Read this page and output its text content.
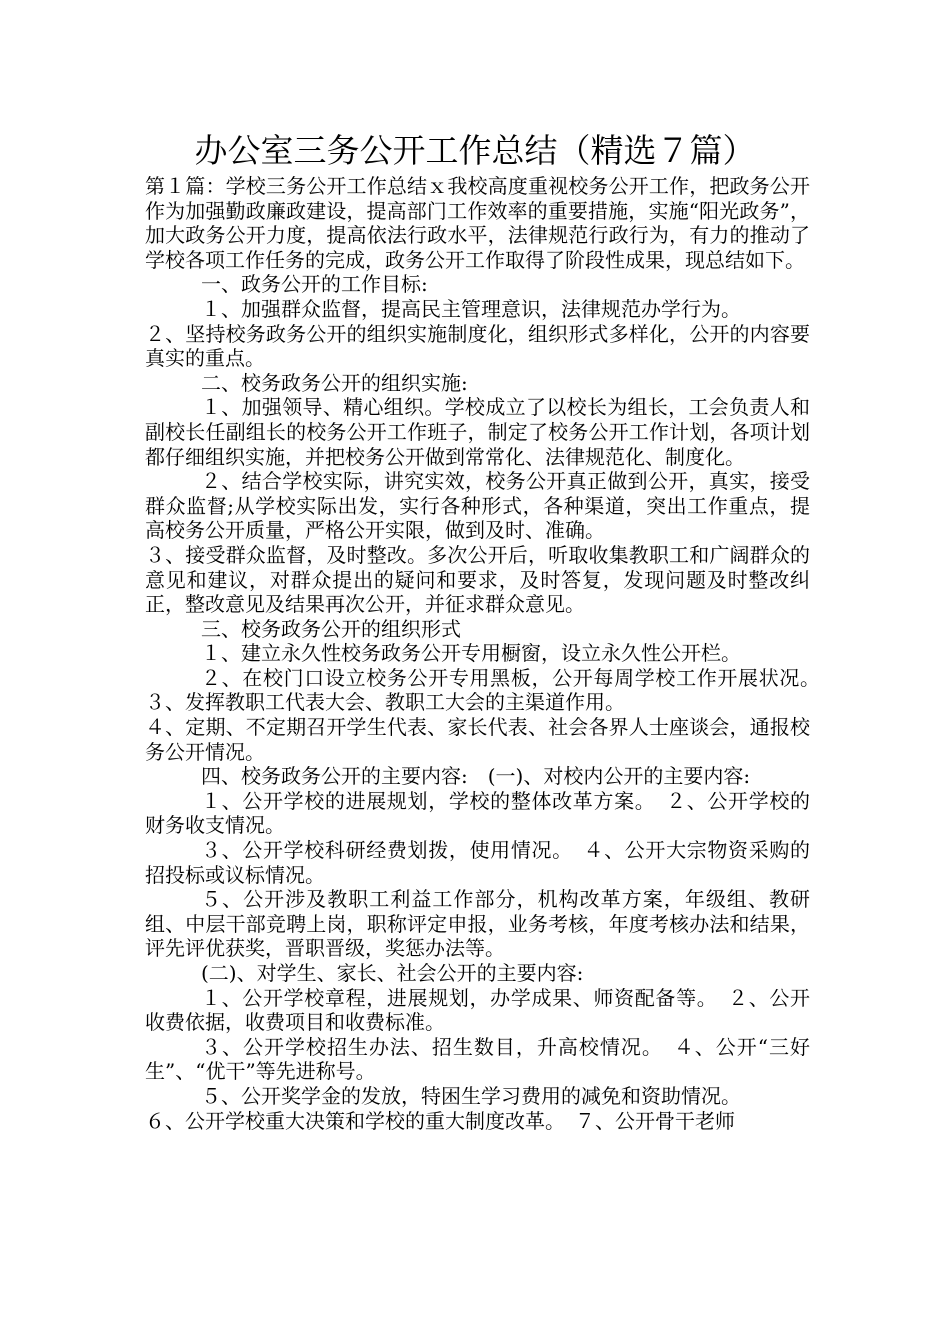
办公室三务公开工作总结（精选７篇）

第１篇：学校三务公开工作总结ｘ我校高度重视校务公开工作，把政务公开作为加强勤政廉政建设，提高部门工作效率的重要措施，实施“阳光政务”，加大政务公开力度，提高依法行政水平，法律规范行政行为，有力的推动了学校各项工作任务的完成，政务公开工作取得了阶段性成果，现总结如下。

一、政务公开的工作目标:

１、加强群众监督，提高民主管理意识，法律规范办学行为。

２、坚持校务政务公开的组织实施制度化，组织形式多样化，公开的内容要真实的重点。

二、校务政务公开的组织实施:

１、加强领导、精心组织。学校成立了以校长为组长，工会负责人和副校长任副组长的校务公开工作班子，制定了校务公开工作计划，各项计划都仔细组织实施，并把校务公开做到常常化、法律规范化、制度化。

２、结合学校实际，讲究实效，校务公开真正做到公开，真实，接受群众监督;从学校实际出发，实行各种形式，各种渠道，突出工作重点，提高校务公开质量，严格公开实限，做到及时、准确。

３、接受群众监督，及时整改。多次公开后，听取收集教职工和广阔群众的意见和建议，对群众提出的疑问和要求，及时答复，发现问题及时整改纠正，整改意见及结果再次公开，并征求群众意见。

三、校务政务公开的组织形式

１、建立永久性校务政务公开专用橱窗，设立永久性公开栏。

２、在校门口设立校务公开专用黑板，公开每周学校工作开展状况。　３、发挥教职工代表大会、教职工大会的主渠道作用。

４、定期、不定期召开学生代表、家长代表、社会各界人士座谈会，通报校务公开情况。

四、校务政务公开的主要内容:　(一)、对校内公开的主要内容:

１、公开学校的进展规划，学校的整体改革方案。　２、公开学校的财务收支情况。

３、公开学校科研经费划拨，使用情况。　４、公开大宗物资采购的招投标或议标情况。

５、公开涉及教职工利益工作部分，机构改革方案，年级组、教研组、中层干部竞聘上岗，职称评定申报，业务考核，年度考核办法和结果，评先评优获奖，晋职晋级，奖惩办法等。

(二)、对学生、家长、社会公开的主要内容:

１、公开学校章程，进展规划，办学成果、师资配备等。　２、公开收费依据，收费项目和收费标准。

３、公开学校招生办法、招生数目，升高校情况。　４、公开“三好生”、“优干”等先进称号。

５、公开奖学金的发放，特困生学习费用的减免和资助情况。

６、公开学校重大决策和学校的重大制度改革。　７、公开骨干老师
